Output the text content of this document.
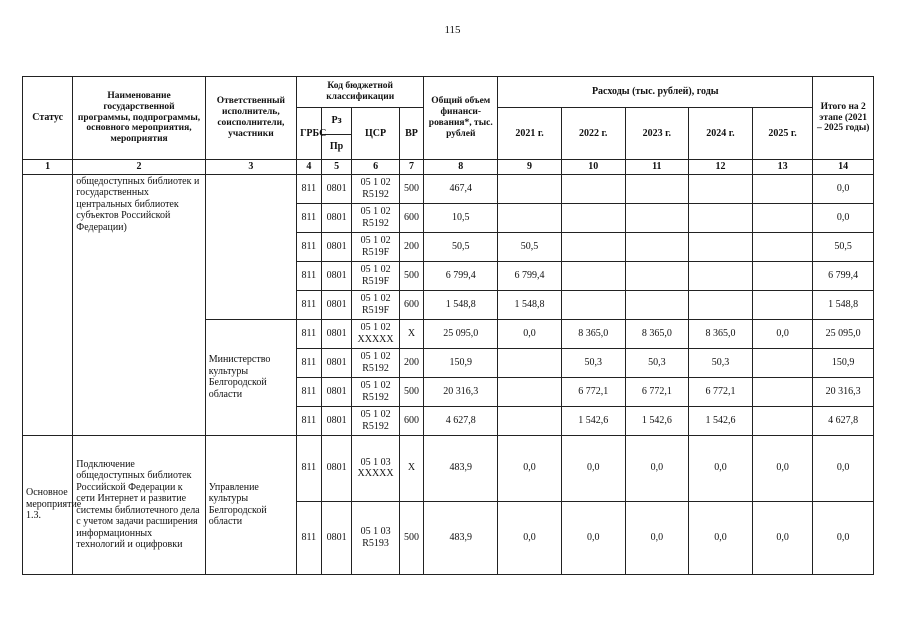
115
Статус	Наименование государственной программы, подпрограммы, основного мероприятия, мероприятия	Ответственный исполнитель, соисполнители, участники	Код бюджетной классификации				Общий объем финанси-рования*, тыс. рублей	Расходы (тыс. рублей), годы					Итого на 2 этапе (2021 – 2025 годы)
			ГРБС	Рз	ЦСР	ВР		2021 г.	2022 г.	2023 г.	2024 г.	2025 г.	
				Пр									
1	2	3	4	5	6	7	8	9	10	11	12	13	14
	общедоступных библиотек и государственных центральных библиотек субъектов Российской Федерации)		811	0801	05 1 02 R5192	500	467,4						0,0
			811	0801	05 1 02 R5192	600	10,5						0,0
			811	0801	05 1 02 R519F	200	50,5	50,5					50,5
			811	0801	05 1 02 R519F	500	6 799,4	6 799,4					6 799,4
			811	0801	05 1 02 R519F	600	1 548,8	1 548,8					1 548,8
		Министерство культуры Белгородской области	811	0801	05 1 02 XXXXX	X	25 095,0	0,0	8 365,0	8 365,0	8 365,0	0,0	25 095,0
			811	0801	05 1 02 R5192	200	150,9		50,3	50,3	50,3		150,9
			811	0801	05 1 02 R5192	500	20 316,3		6 772,1	6 772,1	6 772,1		20 316,3
			811	0801	05 1 02 R5192	600	4 627,8		1 542,6	1 542,6	1 542,6		4 627,8
Основное мероприятие 1.3.	Подключение общедоступных библиотек Российской Федерации к сети Интернет и развитие системы библиотечного дела с учетом задачи расширения информационных технологий и оцифровки	Управление культуры Белгородской области	811	0801	05 1 03 XXXXX	X	483,9	0,0	0,0	0,0	0,0	0,0	0,0
			811	0801	05 1 03 R5193	500	483,9	0,0	0,0	0,0	0,0	0,0	0,0
